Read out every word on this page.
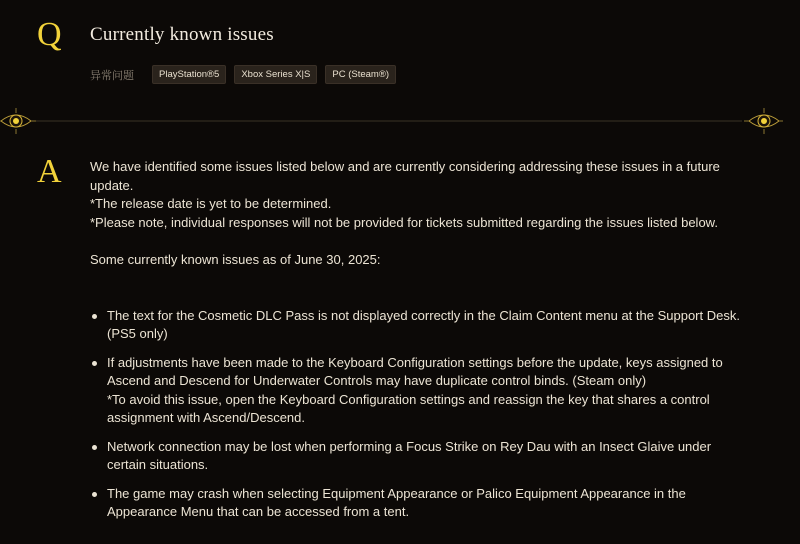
Q Currently known issues
异常问题	PlayStation®5	Xbox Series X|S	PC (Steam®)
A We have identified some issues listed below and are currently considering addressing these issues in a future update.

*The release date is yet to be determined.

*Please note, individual responses will not be provided for tickets submitted regarding the issues listed below.

Some currently known issues as of June 30, 2025:

The text for the Cosmetic DLC Pass is not displayed correctly in the Claim Content menu at the Support Desk. (PS5 only)
If adjustments have been made to the Keyboard Configuration settings before the update, keys assigned to Ascend and Descend for Underwater Controls may have duplicate control binds. (Steam only)
*To avoid this issue, open the Keyboard Configuration settings and reassign the key that shares a control assignment with Ascend/Descend.
Network connection may be lost when performing a Focus Strike on Rey Dau with an Insect Glaive under certain situations.
The game may crash when selecting Equipment Appearance or Palico Equipment Appearance in the Appearance Menu that can be accessed from a tent.
